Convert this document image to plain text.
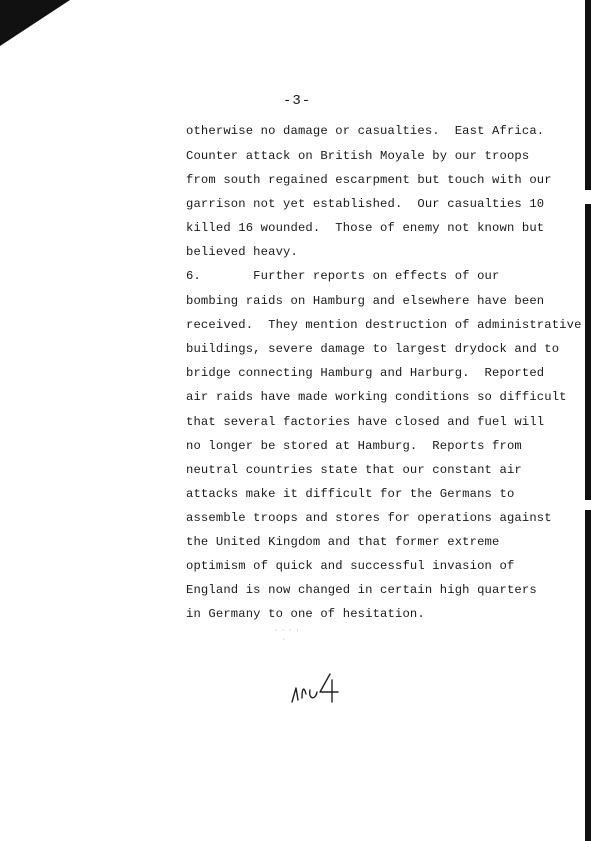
-3-
otherwise no damage or casualties.  East Africa.
Counter attack on British Moyale by our troops
from south regained escarpment but touch with our
garrison not yet established.  Our casualties 10
killed 16 wounded.  Those of enemy not known but
believed heavy.
6.       Further reports on effects of our
bombing raids on Hamburg and elsewhere have been
received.  They mention destruction of administrative
buildings, severe damage to largest drydock and to
bridge connecting Hamburg and Harburg.  Reported
air raids have made working conditions so difficult
that several factories have closed and fuel will
no longer be stored at Hamburg.  Reports from
neutral countries state that our constant air
attacks make it difficult for the Germans to
assemble troops and stores for operations against
the United Kingdom and that former extreme
optimism of quick and successful invasion of
England is now changed in certain high quarters
in Germany to one of hesitation.
· · · ·
·
